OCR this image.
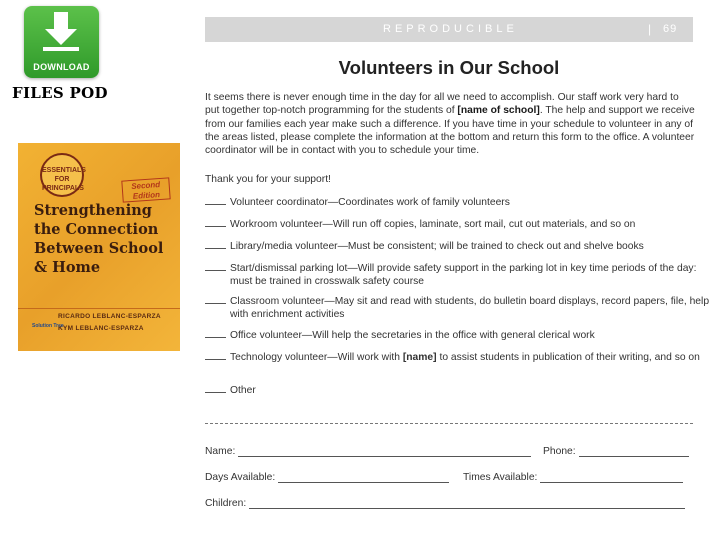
DOWNLOAD
FILES POD
ESSENTIALS FOR PRINCIPALS	Second Edition
Strengthening
the Connection
Between School
& Home
RICARDO LEBLANC-ESPARZA
KYM LEBLANC-ESPARZA
Solution Tree
REPRODUCIBLE	| 69
Volunteers in Our School
It seems there is never enough time in the day for all we need to accomplish. Our staff work very hard to put together top-notch programming for the students of [name of school]. The help and support we receive from our families each year make such a difference. If you have time in your schedule to volunteer in any of the areas listed, please complete the information at the bottom and return this form to the office. A volunteer coordinator will be in contact with you to schedule your time.
Thank you for your support!
Volunteer coordinator—Coordinates work of family volunteers
Workroom volunteer—Will run off copies, laminate, sort mail, cut out materials, and so on
Library/media volunteer—Must be consistent; will be trained to check out and shelve books
Start/dismissal parking lot—Will provide safety support in the parking lot in key time periods of the day: must be trained in crosswalk safety course
Classroom volunteer—May sit and read with students, do bulletin board displays, record papers, file, help with enrichment activities
Office volunteer—Will help the secretaries in the office with general clerical work
Technology volunteer—Will work with [name] to assist students in publication of their writing, and so on
Other
Name:	Phone:
Days Available:	Times Available:
Children:
